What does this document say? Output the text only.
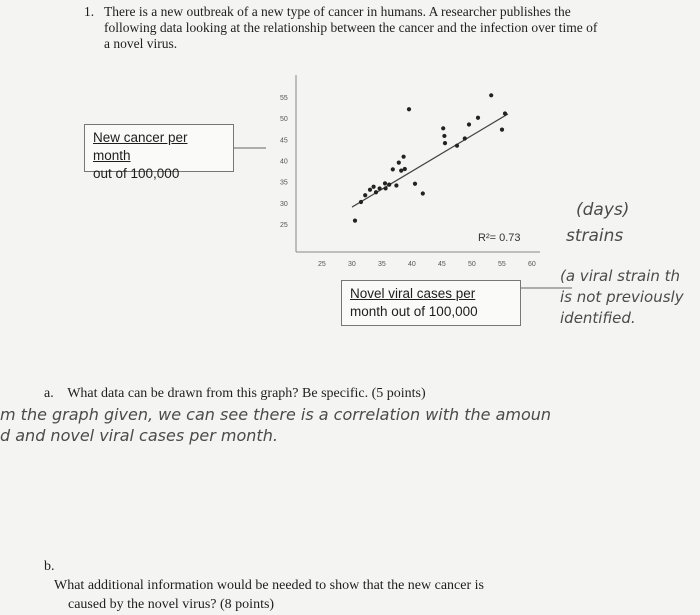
1. There is a new outbreak of a new type of cancer in humans. A researcher publishes the
following data looking at the relationship between the cancer and the infection over time of
a novel virus.
25
30
35
40
45
50
55
25	30	35	40	45	50	55	60
R²= 0.73
New cancer per month
out of 100,000
Novel viral cases per
month out of 100,000
(days)
strains
(a viral strain th
is not previously
identified.
a. What data can be drawn from this graph? Be specific. (5 points)
m the graph given, we can see there is a correlation with the amoun
d and novel viral cases per month.
b.
What additional information would be needed to show that the new cancer is
caused by the novel virus? (8 points)
